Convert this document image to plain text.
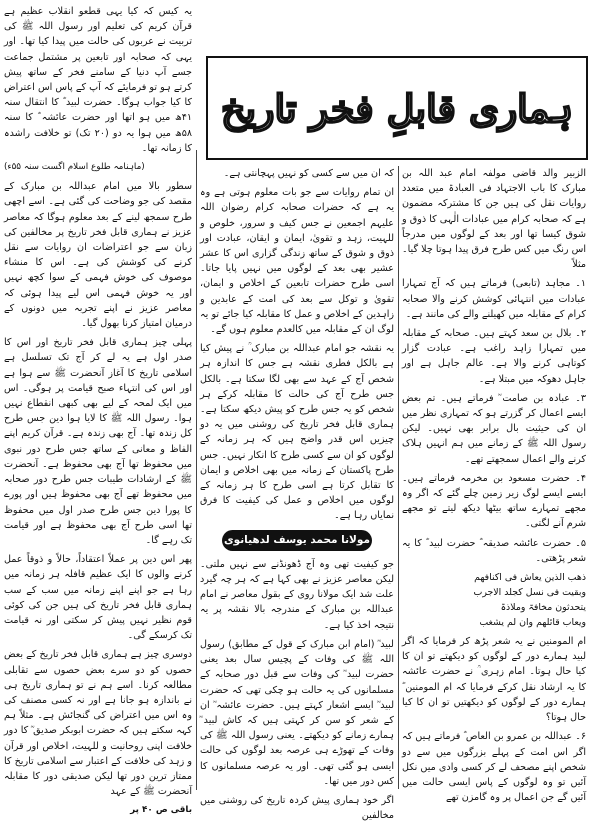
یہ کیس کہ کیا یہی قطعو انقلاب عظیم ہے قرآن کریم کی تعلیم اور رسول اللہ ﷺ کی تربیت نے عربوں کی حالت میں پیدا کیا تھا۔ اور یہی کہ صحابہ اور تابعین پر مشتمل جماعت جسے آپ دنیا کے سامنے فخر کے ساتھ پیش کرتے ہو تو فرمایئے کہ آپ کے پاس اس اعتراض کا کیا جواب ہوگا۔ حضرت لبید ؓ کا انتقال سنہ ۴۱ھ میں ہو اتھا اور حضرت عائشہ ؓ کا سنہ ۵۸ھ میں ہوا یہ دو (۲۰ تک) تو خلافت راشدہ کا زمانہ تھا۔

(ماہنامہ طلوع اسلام اگست سنہ ۵۵ء)

سطور بالا میں امام عبداللہ بن مبارک کے مقصد کی جو وضاحت کی گئی ہے۔ اسے اچھی طرح سمجھ لینے کے بعد معلوم ہوگا کہ معاصر عزیز نے ہماری قابل فخر تاریخ پر مخالفین کی زبان سے جو اعتراضات ان روایات سے نقل کرنے کی کوشش کی ہے۔ اس کا منشاء موصوف کی خوش فہمی کے سوا کچھ نہیں اور یہ خوش فہمی اس لیے پیدا ہوئی کہ معاصر عزیز نے اپنے تجربہ میں دونوں کے درمیان امتیاز کرنا بھول گیا۔

پہلی چیز ہماری قابل فخر تاریخ اور اس کا صدر اول ہے یہ لے کر آج تک تسلسل ہے اسلامی تاریخ کا آغاز آنحضرت ﷺ سے ہوا ہے اور اس کی انتہاء صبح قیامت پر ہوگی۔ اس میں ایک لمحہ کے لیے بھی کبھی انقطاع نہیں ہوا۔ رسول اللہ ﷺ کا لایا ہوا دین جس طرح کل زندہ تھا۔ آج بھی زندہ ہے۔ قرآن کریم اپنے الفاظ و معانی کے ساتھ جس طرح دور نبوی میں محفوظ تھا آج بھی محفوظ ہے۔ آنحضرت ﷺ کے ارشادات طیبات جس طرح دور صحابہ میں محفوظ تھے آج بھی محفوظ ہیں اور پورے کا پورا دین جس طرح صدر اول میں محفوظ تھا اسی طرح آج بھی محفوظ ہے اور قیامت تک رہے گا۔

پھر اس دین پر عملاً اعتقاداً، حالاً و ذوقاً عمل کرنے والوں کا ایک عظیم قافلہ ہر زمانہ میں رہا ہے جو اپنے اپنے زمانہ میں سب کے سب ہماری قابل فخر تاریخ کی ہیں جن کی کوئی قوم نظیر نہیں پیش کر سکتی اور نہ قیامت تک کرسکے گی۔

دوسری چیز ہے ہماری قابل فخر تاریخ کے بعض حصوں کو دو سرے بعض حصوں سے تقابلی مطالعہ کرنا۔ اسے ہم نے تو ہماری تاریخ ہی نے باندازہ ہو جانا ہے اور نہ کسی مصنف کی وہ اس میں اعتراض کی گنجائش ہے۔ مثلاً ہم کہہ سکتے ہیں کہ حضرت ابوبکر صدیق ؓ کا دور خلافت اپنی روحانیت و للہیت، اخلاص اور قرآن و زہد کی خلافت کے اعتبار سے اسلامی تاریخ کا ممتاز ترین دور تھا لیکن صدیقی دور کا مقابلہ آنحضرت ﷺ کے عہد

باقی ص ۴۰ پر

ہماری قابلِ فخر تاریخ

کہ ان میں سے کسی کو نہیں پہچانتی ہے۔

ان تمام روایات سے جو بات معلوم ہوتی ہے وہ یہ ہے کہ حضرات صحابہ کرام رضوان اللہ علیہم اجمعین نے جس کیف و سرور، خلوص و للہیت، زہد و تقویٰ، ایمان و ایقان، عبادت اور ذوق و شوق کے ساتھ زندگی گزاری اس کا عشر عشیر بھی بعد کے لوگوں میں نہیں پایا جاتا۔ اسی طرح حضرات تابعین کے اخلاص و ایمان، تقویٰ و توکل سے بعد کی امت کے عابدین و زاہدین کے اخلاص و عمل کا مقابلہ کیا جائے تو یہ لوگ ان کے مقابلہ میں کالعدم معلوم ہوں گے۔

یہ نقشہ جو امام عبداللہ بن مبارک ؒ نے پیش کیا ہے بالکل فطری نقشہ ہے جس کا اندازہ ہر شخص آج کے عہد سے بھی لگا سکتا ہے۔ بالکل جس طرح آج کی حالت کا مقابلہ کرکے ہر شخص کو یہ جس طرح کو پیش دیکھ سکتا ہے۔ ہماری قابل فخر تاریخ کی روشنی میں یہ دو چیزیں اس قدر واضح ہیں کہ ہر زمانہ کے لوگوں کو ان سے کسی طرح کا انکار نہیں۔ جس طرح پاکستان کے زمانہ میں بھی اخلاص و ایمان کا تقابل کرتا ہے اسی طرح کا ہر زمانہ کے لوگوں میں اخلاص و عمل کی کیفیت کا فرق نمایاں رہا ہے۔

مولانا محمد یوسف لدھیانوی

جو کیفیت تھی وہ آج ڈھونڈنے سے نہیں ملتی۔ لیکن معاصر عزیز نے بھی کہا ہے کہ ہر چہ گیرد علت شد ایک مولانا روی کے بقول معاصر نے امام عبداللہ بن مبارک کے مندرجہ بالا نقشہ پر یہ نتیجہ اخذ کیا ہے۔

لبید ؓ (امام ابن مبارک کے قول کے مطابق) رسول اللہ ﷺ کی وفات کے پچیس سال بعد یعنی حضرت لبید ؓ کی وفات سے قبل دور صحابہ کے مسلمانوں کی یہ حالت ہو چکی تھی کہ حضرت لبید ؓ ایسے اشعار کہتے ہیں۔ حضرت عائشہ ؓ ان کے شعر کو سن کر کہتی ہیں کہ کاش لبید ؓ ہمارے زمانے کو دیکھتے۔ یعنی رسول اللہ ﷺ کی وفات کے تھوڑے ہی عرصہ بعد لوگوں کی حالت ایسی ہو گئی تھی۔ اور یہ عرصہ مسلمانوں کا کس دور میں تھا۔

اگر خود ہماری پیش کردہ تاریخ کی روشنی میں مخالفین

الزبیر والد قاضی مولفہ امام عبد اللہ بن مبارک کا باب الاجتہاد فی العبادۃ میں متعدد روایات نقل کی ہیں جن کا مشترکہ مضمون ہے کہ صحابہ کرام میں عبادات الٰہی کا ذوق و شوق کیسا تھا اور بعد کے لوگوں میں مدرجاً اس رنگ میں کس طرح فرق پیدا ہوتا چلا گیا۔ مثلاً

۱۔ مجاہد (تابعی) فرماتے ہیں کہ آج تمہارا عبادات میں انتہائی کوشش کرنے والا صحابہ کرام کے مقابلہ میں کھیلنے والے کی مانند ہے۔

۲۔ بلال بن سعد کہتے ہیں۔ صحابہ کے مقابلہ میں تمہارا زاہد راغب ہے۔ عبادت گزار کوتاہی کرنے والا ہے۔ عالم جاہل ہے اور جاہل دھوکہ میں مبتلا ہے۔

۳۔ عبادہ بن صامت ؓ فرماتے ہیں۔ تم بعض ایسے اعمال کر گزرتے ہو کہ تمہاری نظر میں ان کی حیثیت بال برابر بھی نہیں۔ لیکن رسول اللہ ﷺ کے زمانے میں ہم انہیں ہلاک کرنے والے اعمال سمجھتے تھے۔

۴۔ حضرت مسعود بن مخرمہ فرماتے ہیں۔ ایسے ایسے لوگ زیر زمین چلے گئے کہ اگر وہ مجھے تمہارے ساتھ بیٹھا دیکھ لیتے تو مجھے شرم آنے لگتی۔

۵۔ حضرت عائشہ صدیقہ ؓ حضرت لبید ؓ کا یہ شعر پڑھتی۔

ذھب الذین یعاش فی اکنافھم
وبقیت فی نسل کجلد الاجرب
یتحدثون مخافۃ وملاذۃ
ویعاب قائلھم وان لم یشغب

ام المومنین نے یہ شعر پڑھ کر فرمایا کہ اگر لبید ہمارے دور کے لوگوں کو دیکھتے تو ان کا کیا حال ہوتا۔ امام زہری ؒ نے حضرت عائشہ کا یہ ارشاد نقل کرکے فرمایا کہ ام المومنین ؓ ہمارے دور کے لوگوں کو دیکھتیں تو ان کا کیا حال ہوتا؟

۶۔ عبداللہ بن عمرو بن العاص ؓ فرماتے ہیں کہ اگر اس امت کے پہلے بزرگوں میں سے دو شخص اپنے مصحف لے کر کسی وادی میں نکل آئیں تو وہ لوگوں کے پاس ایسی حالت میں آئیں گے جن اعمال پر وہ گامزن تھے
